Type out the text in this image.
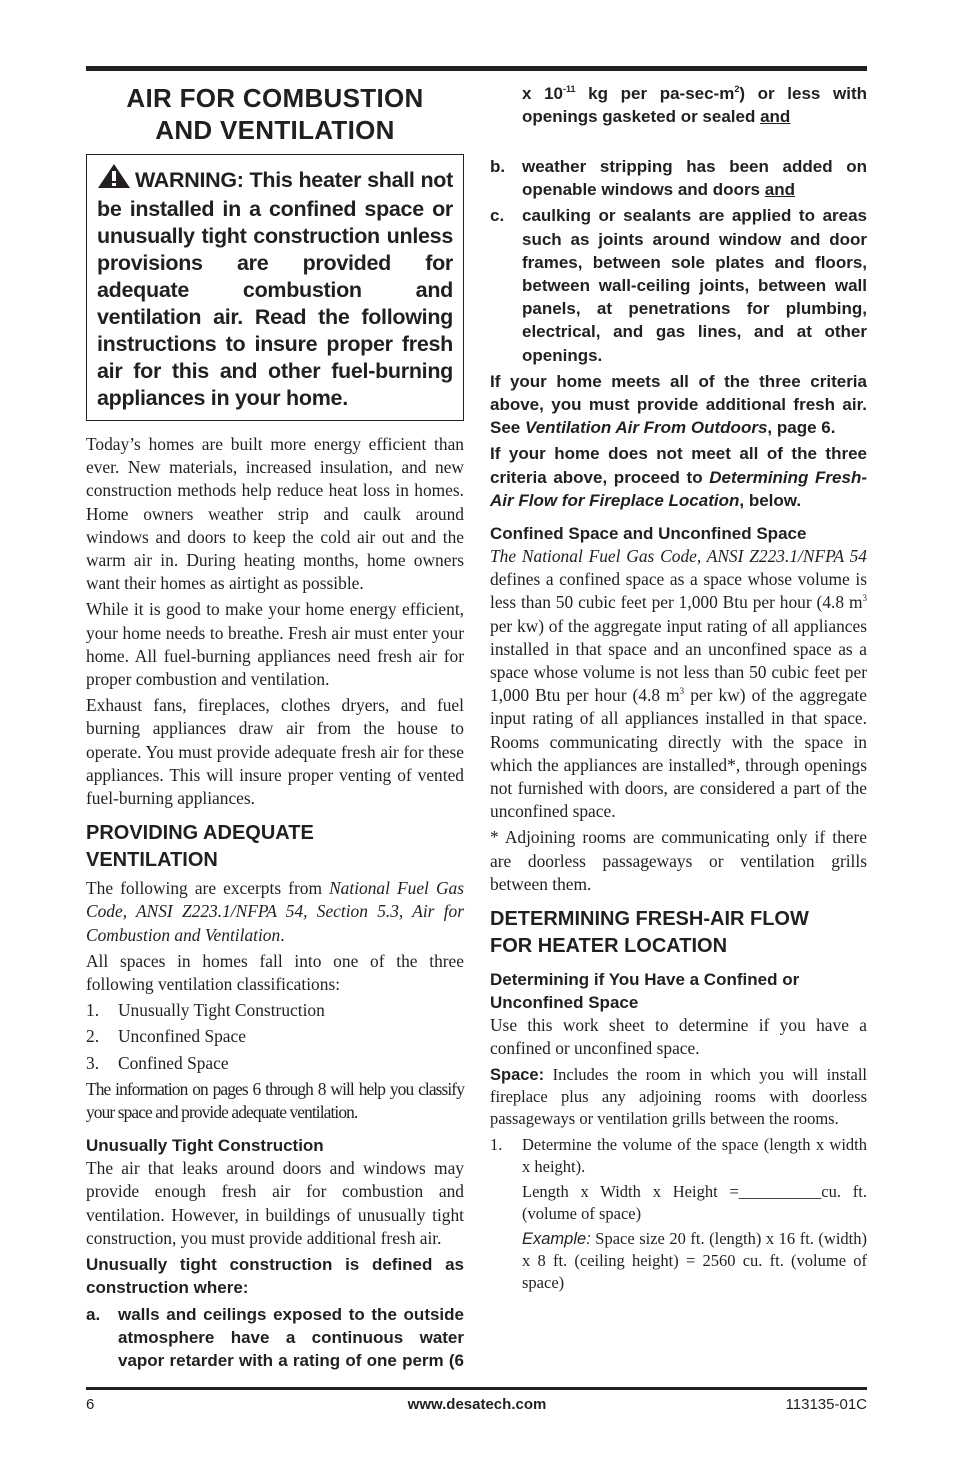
AIR FOR COMBUSTION
AND VENTILATION
WARNING: This heater shall not be installed in a confined space or unusually tight construction unless provisions are provided for adequate combustion and ventilation air. Read the following instructions to insure proper fresh air for this and other fuel-burning appliances in your home.

Today’s homes are built more energy efficient than ever. New materials, increased insulation, and new construction methods help reduce heat loss in homes. Home owners weather strip and caulk around windows and doors to keep the cold air out and the warm air in. During heating months, home owners want their homes as airtight as possible.

While it is good to make your home energy efficient, your home needs to breathe. Fresh air must enter your home. All fuel-burning appliances need fresh air for proper combustion and ventilation.

Exhaust fans, fireplaces, clothes dryers, and fuel burning appliances draw air from the house to operate. You must provide adequate fresh air for these appliances. This will insure proper venting of vented fuel-burning appliances.

PROVIDING ADEQUATE
VENTILATION

The following are excerpts from National Fuel Gas Code, ANSI Z223.1/NFPA 54, Section 5.3, Air for Combustion and Ventilation.

All spaces in homes fall into one of the three following ventilation classifications:

1. Unusually Tight Construction
2. Unconfined Space
3. Confined Space

The information on pages 6 through 8 will help you classify your space and provide adequate ventilation.

Unusually Tight Construction

The air that leaks around doors and windows may provide enough fresh air for combustion and ventilation. However, in buildings of unusually tight construction, you must provide additional fresh air.

Unusually tight construction is defined as construction where:

a. walls and ceilings exposed to the outside atmosphere have a continuous water vapor retarder with a rating of one perm (6
x $10^{-11}$ kg per $pa-\sec-m^2$) or less with openings gasketed or sealed and
b. weather stripping has been added on openable windows and doors and
c. caulking or sealants are applied to areas such as joints around window and door frames, between sole plates and floors, between wall-ceiling joints, between wall panels, at penetrations for plumbing, electrical, and gas lines, and at other openings.

If your home meets all of the three criteria above, you must provide additional fresh air. See Ventilation Air From Outdoors, page 6.

If your home does not meet all of the three criteria above, proceed to Determining Fresh-Air Flow for Fireplace Location, below.

Confined Space and Unconfined Space

The National Fuel Gas Code, ANSI Z223.1/NFPA 54 defines a confined space as a space whose volume is less than 50 cubic feet per 1,000 Btu per hour (4.8 $m^3$ per kw) of the aggregate input rating of all appliances installed in that space and an unconfined space as a space whose volume is not less than 50 cubic feet per 1,000 Btu per hour (4.8 $m^3$ per kw) of the aggregate input rating of all appliances installed in that space. Rooms communicating directly with the space in which the appliances are installed*, through openings not furnished with doors, are considered a part of the unconfined space.

* Adjoining rooms are communicating only if there are doorless passageways or ventilation grills between them.

DETERMINING FRESH-AIR FLOW
FOR HEATER LOCATION
Determining if You Have a Confined or
Unconfined Space

Use this work sheet to determine if you have a confined or unconfined space.

Space: Includes the room in which you will install fireplace plus any adjoining rooms with doorless passageways or ventilation grills between the rooms.

1. Determine the volume of the space (length x width x height).
Length x Width x Height =__________cu. ft. (volume of space)
Example: Space size 20 ft. (length) x 16 ft. (width) x 8 ft. (ceiling height) = 2560 cu. ft. (volume of space)
www.desatech.com
6	113135-01C
